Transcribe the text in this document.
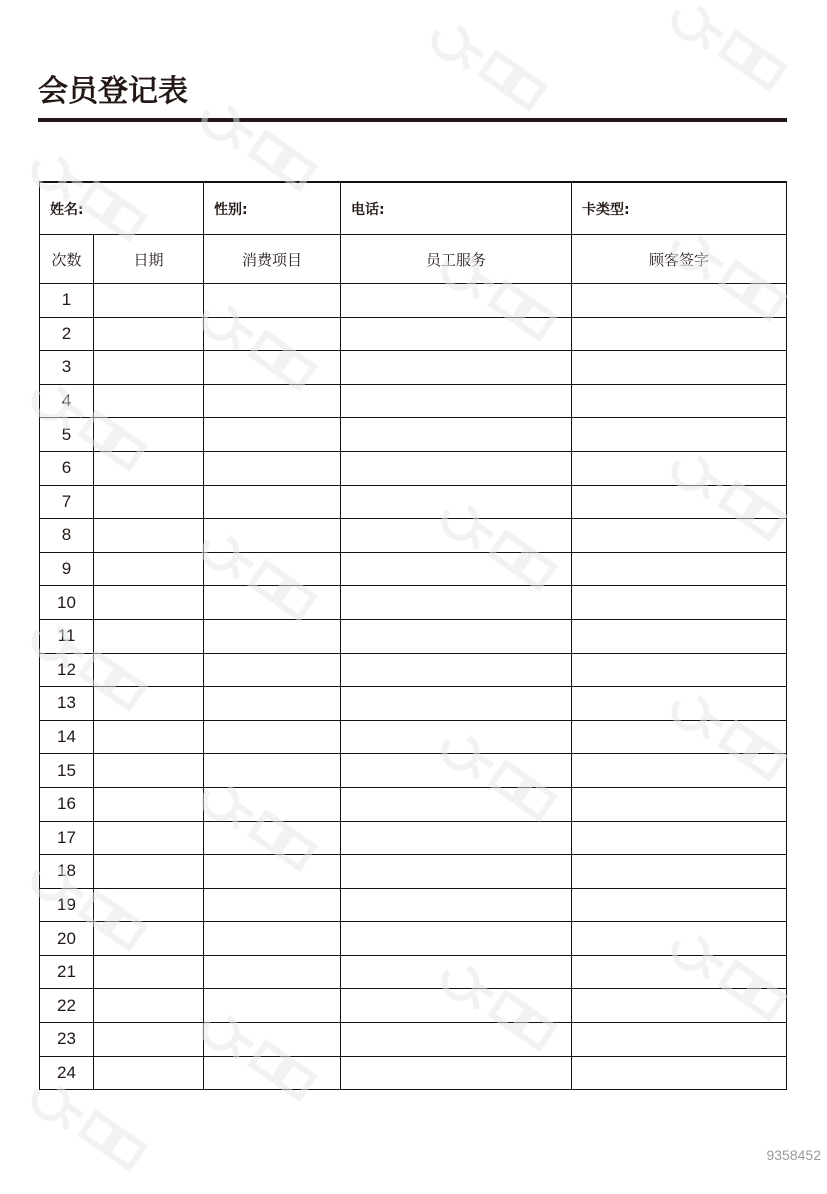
会员登记表
姓名:		性别:	电话:	卡类型:
次数	日期	消费项目	员工服务	顾客签字
1				
2				
3				
4				
5				
6				
7				
8				
9				
10				
11				
12				
13				
14				
15				
16				
17				
18				
19				
20				
21				
22				
23				
24				
9358452
